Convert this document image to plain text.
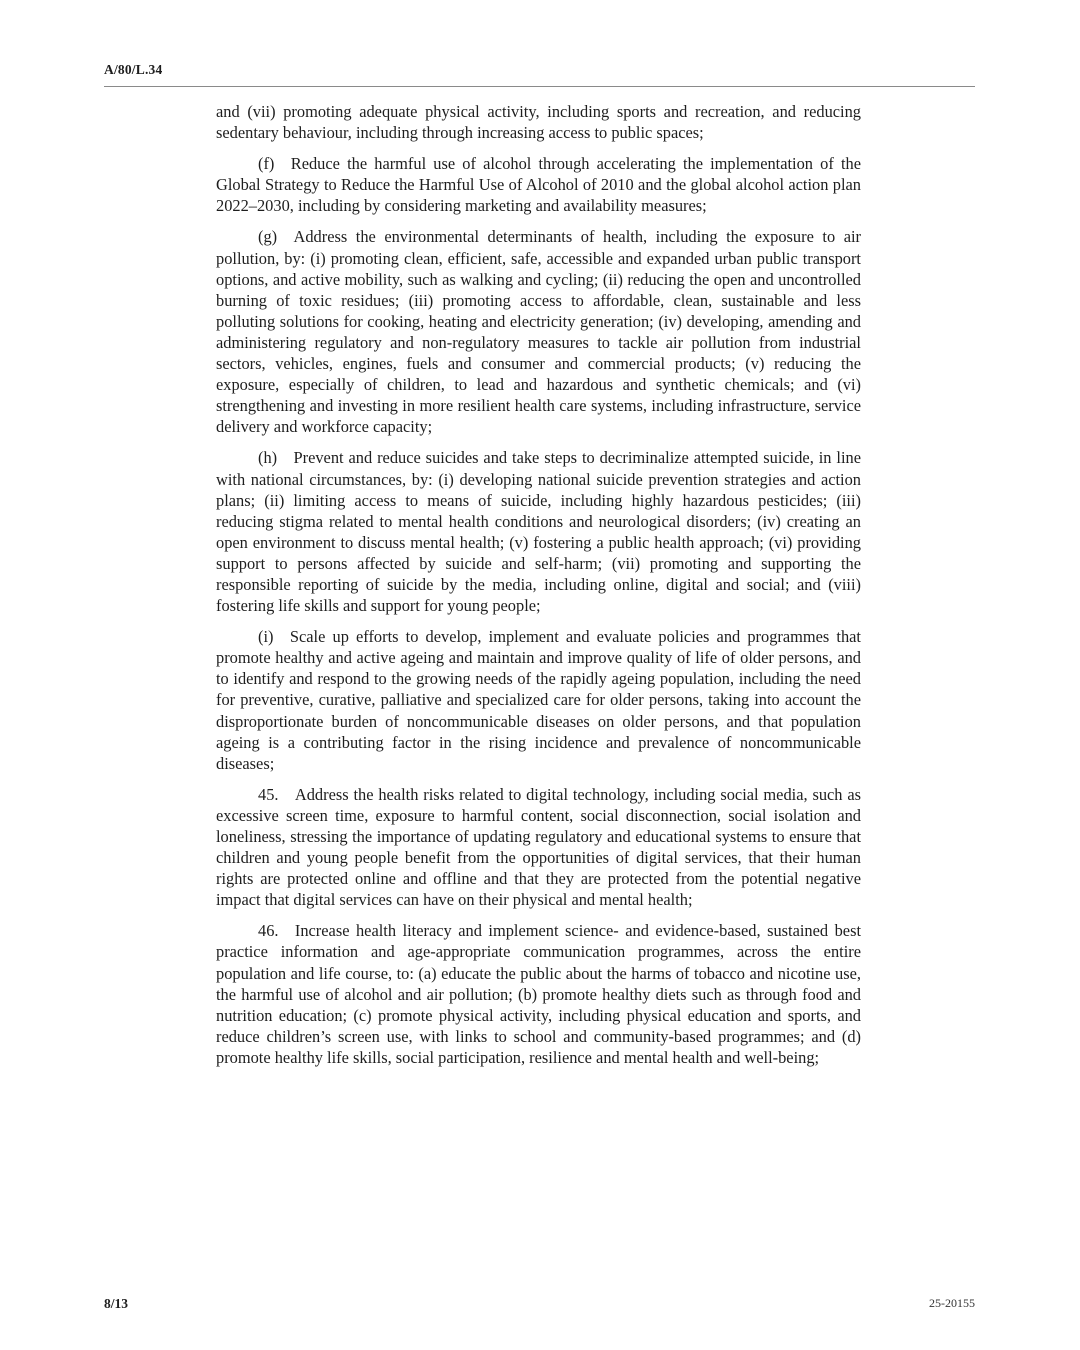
A/80/L.34

and (vii) promoting adequate physical activity, including sports and recreation, and reducing sedentary behaviour, including through increasing access to public spaces;

(f) Reduce the harmful use of alcohol through accelerating the implementation of the Global Strategy to Reduce the Harmful Use of Alcohol of 2010 and the global alcohol action plan 2022–2030, including by considering marketing and availability measures;

(g) Address the environmental determinants of health, including the exposure to air pollution, by: (i) promoting clean, efficient, safe, accessible and expanded urban public transport options, and active mobility, such as walking and cycling; (ii) reducing the open and uncontrolled burning of toxic residues; (iii) promoting access to affordable, clean, sustainable and less polluting solutions for cooking, heating and electricity generation; (iv) developing, amending and administering regulatory and non-regulatory measures to tackle air pollution from industrial sectors, vehicles, engines, fuels and consumer and commercial products; (v) reducing the exposure, especially of children, to lead and hazardous and synthetic chemicals; and (vi) strengthening and investing in more resilient health care systems, including infrastructure, service delivery and workforce capacity;

(h) Prevent and reduce suicides and take steps to decriminalize attempted suicide, in line with national circumstances, by: (i) developing national suicide prevention strategies and action plans; (ii) limiting access to means of suicide, including highly hazardous pesticides; (iii) reducing stigma related to mental health conditions and neurological disorders; (iv) creating an open environment to discuss mental health; (v) fostering a public health approach; (vi) providing support to persons affected by suicide and self-harm; (vii) promoting and supporting the responsible reporting of suicide by the media, including online, digital and social; and (viii) fostering life skills and support for young people;

(i) Scale up efforts to develop, implement and evaluate policies and programmes that promote healthy and active ageing and maintain and improve quality of life of older persons, and to identify and respond to the growing needs of the rapidly ageing population, including the need for preventive, curative, palliative and specialized care for older persons, taking into account the disproportionate burden of noncommunicable diseases on older persons, and that population ageing is a contributing factor in the rising incidence and prevalence of noncommunicable diseases;

45. Address the health risks related to digital technology, including social media, such as excessive screen time, exposure to harmful content, social disconnection, social isolation and loneliness, stressing the importance of updating regulatory and educational systems to ensure that children and young people benefit from the opportunities of digital services, that their human rights are protected online and offline and that they are protected from the potential negative impact that digital services can have on their physical and mental health;

46. Increase health literacy and implement science- and evidence-based, sustained best practice information and age-appropriate communication programmes, across the entire population and life course, to: (a) educate the public about the harms of tobacco and nicotine use, the harmful use of alcohol and air pollution; (b) promote healthy diets such as through food and nutrition education; (c) promote physical activity, including physical education and sports, and reduce children’s screen use, with links to school and community-based programmes; and (d) promote healthy life skills, social participation, resilience and mental health and well-being;

8/13	25-20155
